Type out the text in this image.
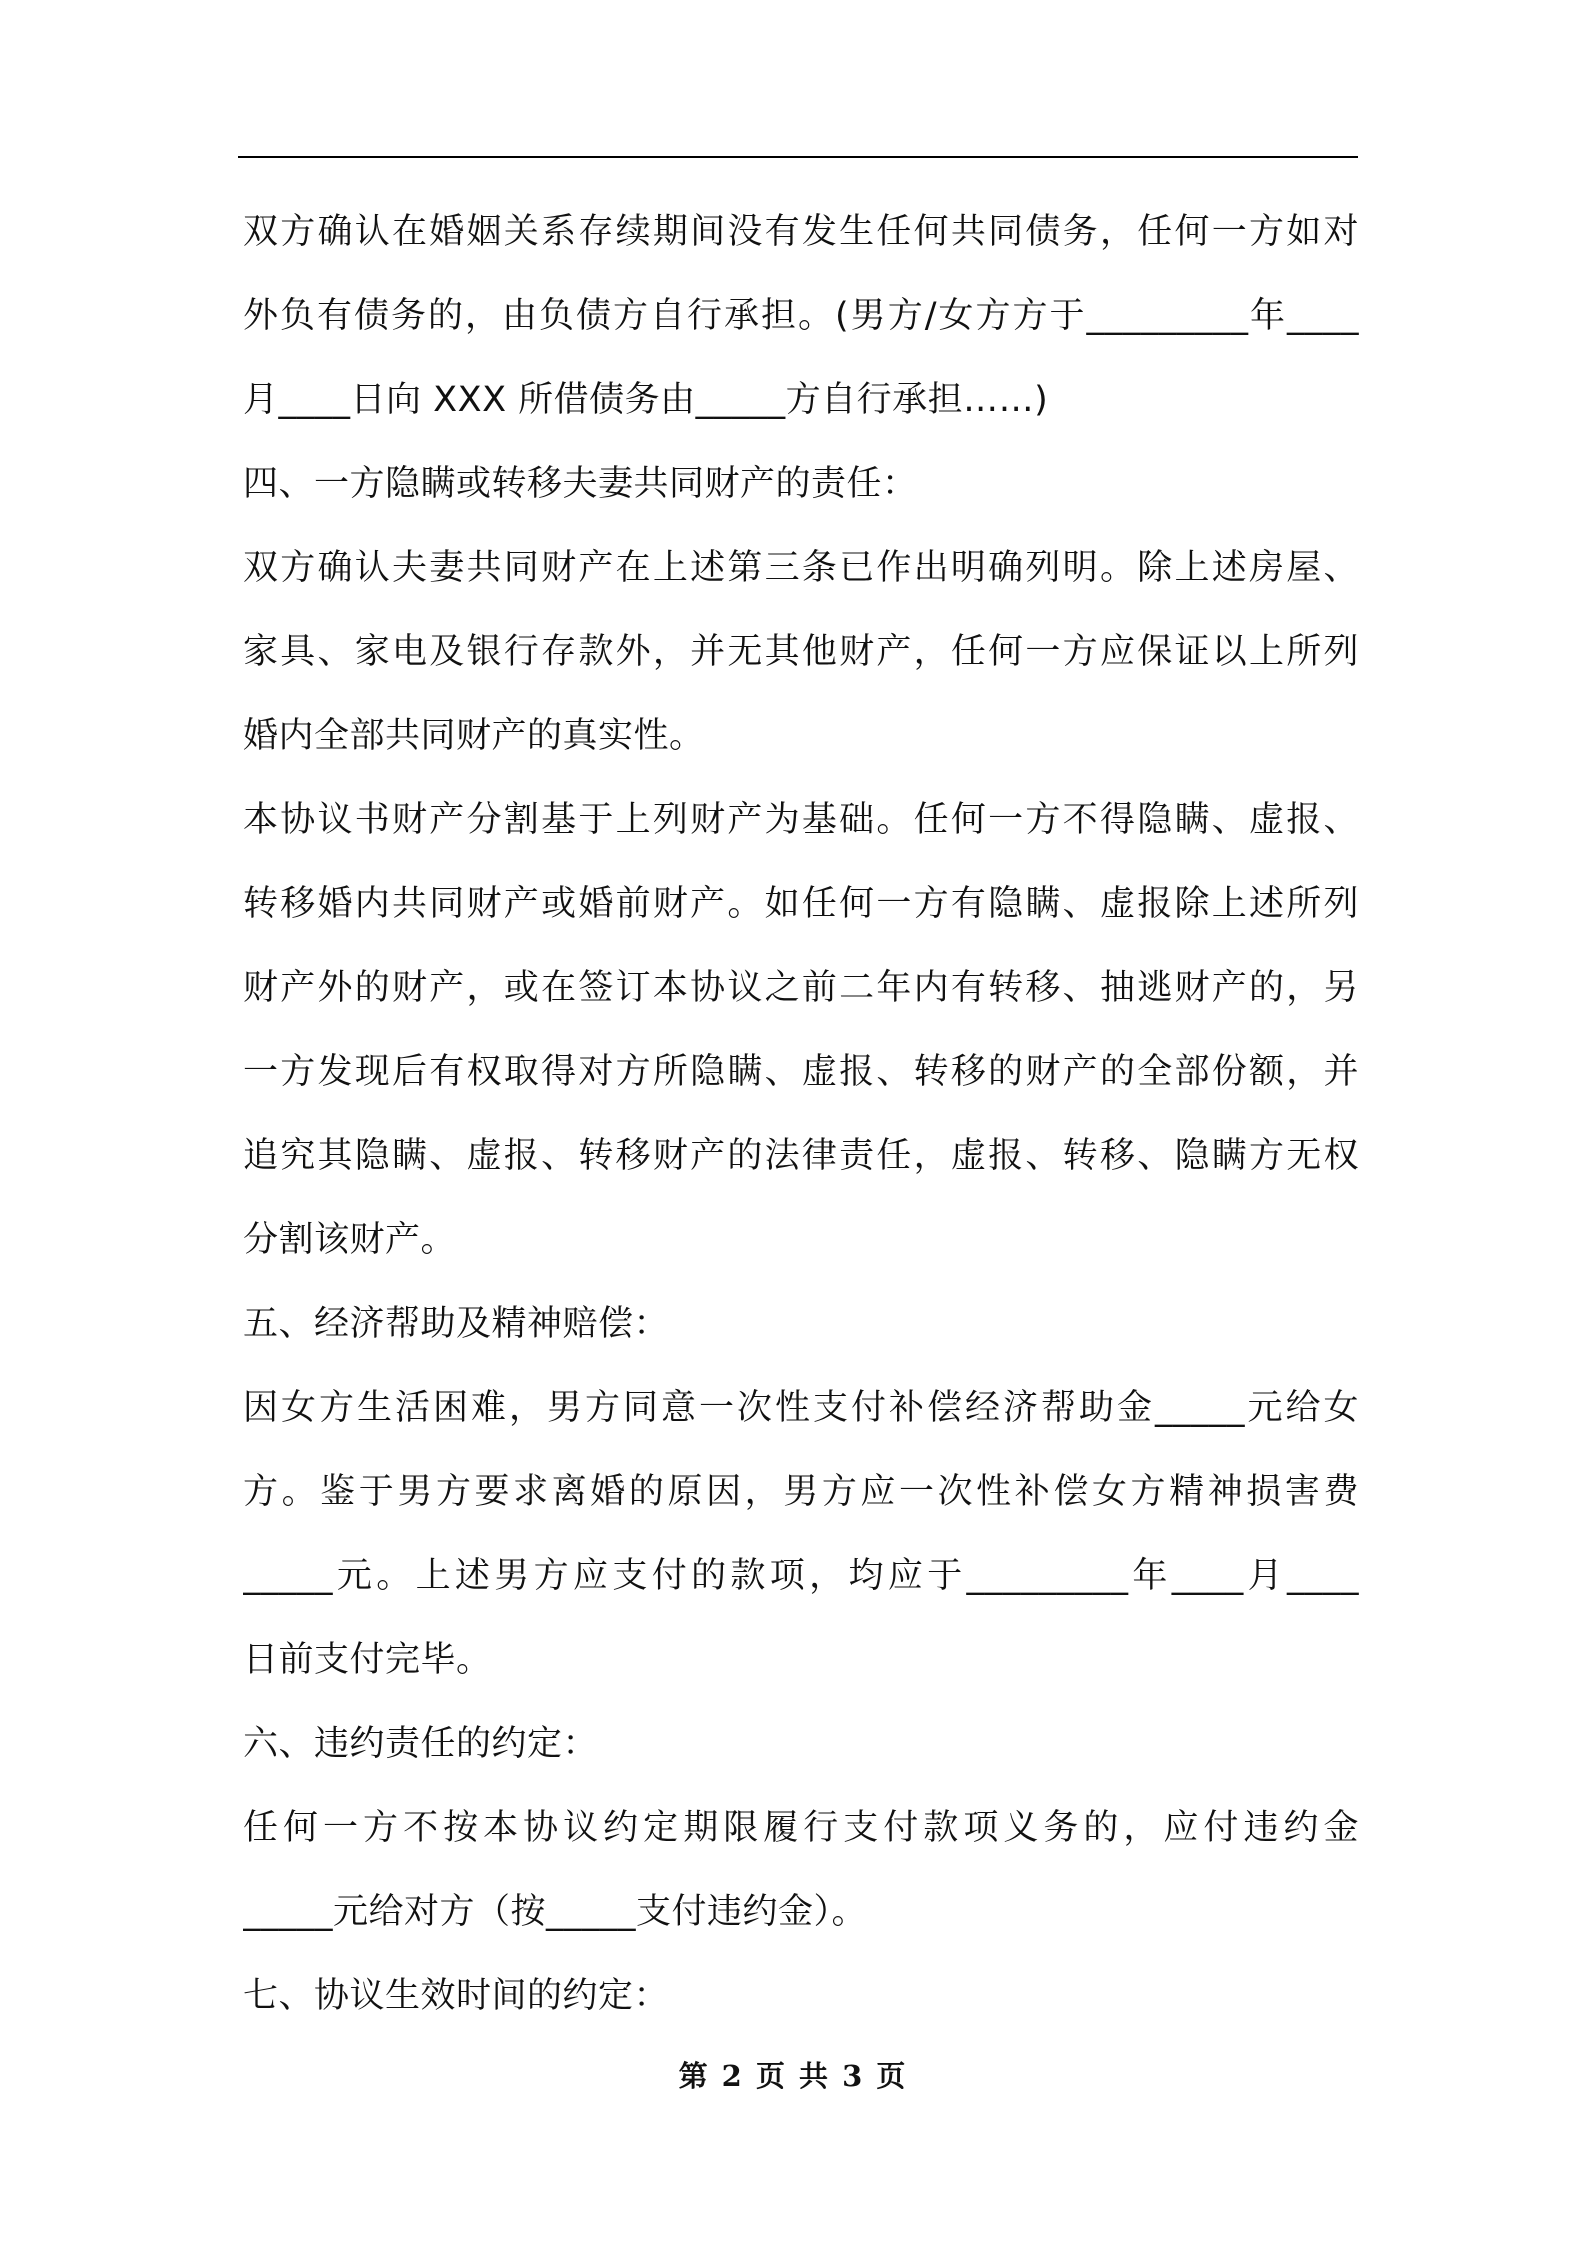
双方确认在婚姻关系存续期间没有发生任何共同债务，任何一方如对
外负有债务的，由负债方自行承担。(男方/女方方于_________年____
月____日向 XXX 所借债务由_____方自行承担……)
四、一方隐瞒或转移夫妻共同财产的责任：
双方确认夫妻共同财产在上述第三条已作出明确列明。除上述房屋、
家具、家电及银行存款外，并无其他财产，任何一方应保证以上所列
婚内全部共同财产的真实性。
本协议书财产分割基于上列财产为基础。任何一方不得隐瞒、虚报、
转移婚内共同财产或婚前财产。如任何一方有隐瞒、虚报除上述所列
财产外的财产，或在签订本协议之前二年内有转移、抽逃财产的，另
一方发现后有权取得对方所隐瞒、虚报、转移的财产的全部份额，并
追究其隐瞒、虚报、转移财产的法律责任，虚报、转移、隐瞒方无权
分割该财产。
五、经济帮助及精神赔偿：
因女方生活困难，男方同意一次性支付补偿经济帮助金_____元给女
方。鉴于男方要求离婚的原因，男方应一次性补偿女方精神损害费
_____元。上述男方应支付的款项，均应于_________年____月____
日前支付完毕。
六、违约责任的约定：
任何一方不按本协议约定期限履行支付款项义务的，应付违约金
_____元给对方（按_____支付违约金）。
七、协议生效时间的约定：
第 2 页 共 3 页
